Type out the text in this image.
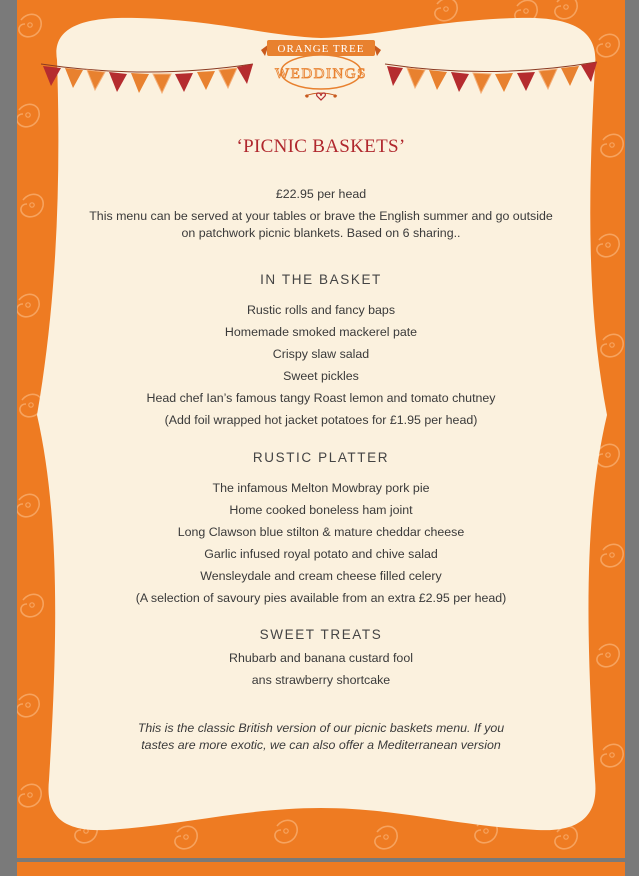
ORANGE TREE
WEDDINGS
‘PICNIC BASKETS’
£22.95 per head
This menu can be served at your tables or brave the English summer and go outside
on patchwork picnic blankets. Based on 6 sharing..
IN THE BASKET
Rustic rolls and fancy baps
Homemade smoked mackerel pate
Crispy slaw salad
Sweet pickles
Head chef Ian’s famous tangy Roast lemon and tomato chutney
(Add foil wrapped hot jacket potatoes for £1.95 per head)
RUSTIC PLATTER
The infamous Melton Mowbray pork pie
Home cooked boneless ham joint
Long Clawson blue stilton & mature cheddar cheese
Garlic infused royal potato and chive salad
Wensleydale and cream cheese filled celery
(A selection of savoury pies available from an extra £2.95 per head)
SWEET TREATS
Rhubarb and banana custard fool
ans strawberry shortcake
This is the classic British version of our picnic baskets menu. If you
tastes are more exotic, we can also offer a Mediterranean version
